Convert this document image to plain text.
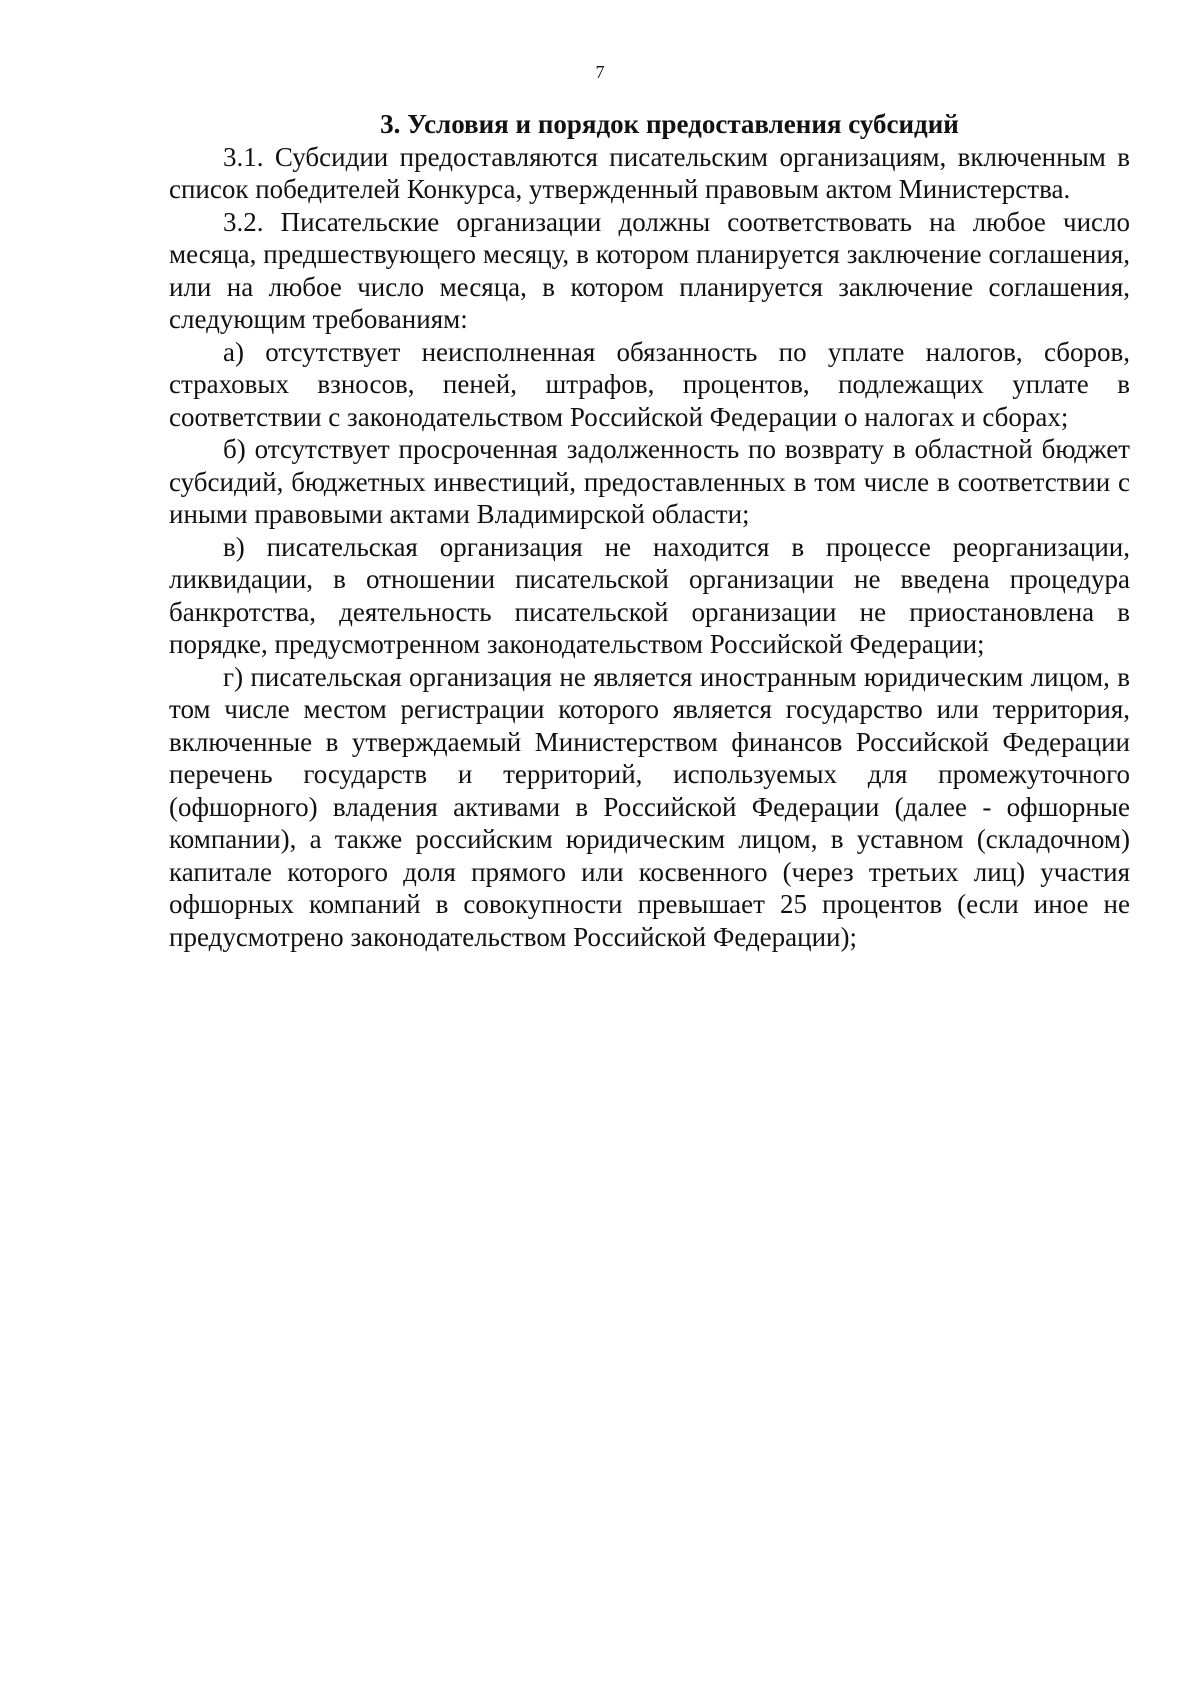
7

3. Условия и порядок предоставления субсидий

3.1. Субсидии предоставляются писательским организациям, включенным в список победителей Конкурса, утвержденный правовым актом Министерства.

3.2. Писательские организации должны соответствовать на любое число месяца, предшествующего месяцу, в котором планируется заключение соглашения, или на любое число месяца, в котором планируется заключение соглашения, следующим требованиям:

а) отсутствует неисполненная обязанность по уплате налогов, сборов, страховых взносов, пеней, штрафов, процентов, подлежащих уплате в соответствии с законодательством Российской Федерации о налогах и сборах;

б) отсутствует просроченная задолженность по возврату в областной бюджет субсидий, бюджетных инвестиций, предоставленных в том числе в соответствии с иными правовыми актами Владимирской области;

в) писательская организация не находится в процессе реорганизации, ликвидации, в отношении писательской организации не введена процедура банкротства, деятельность писательской организации не приостановлена в порядке, предусмотренном законодательством Российской Федерации;

г) писательская организация не является иностранным юридическим лицом, в том числе местом регистрации которого является государство или территория, включенные в утверждаемый Министерством финансов Российской Федерации перечень государств и территорий, используемых для промежуточного (офшорного) владения активами в Российской Федерации (далее - офшорные компании), а также российским юридическим лицом, в уставном (складочном) капитале которого доля прямого или косвенного (через третьих лиц) участия офшорных компаний в совокупности превышает 25 процентов (если иное не предусмотрено законодательством Российской Федерации);
